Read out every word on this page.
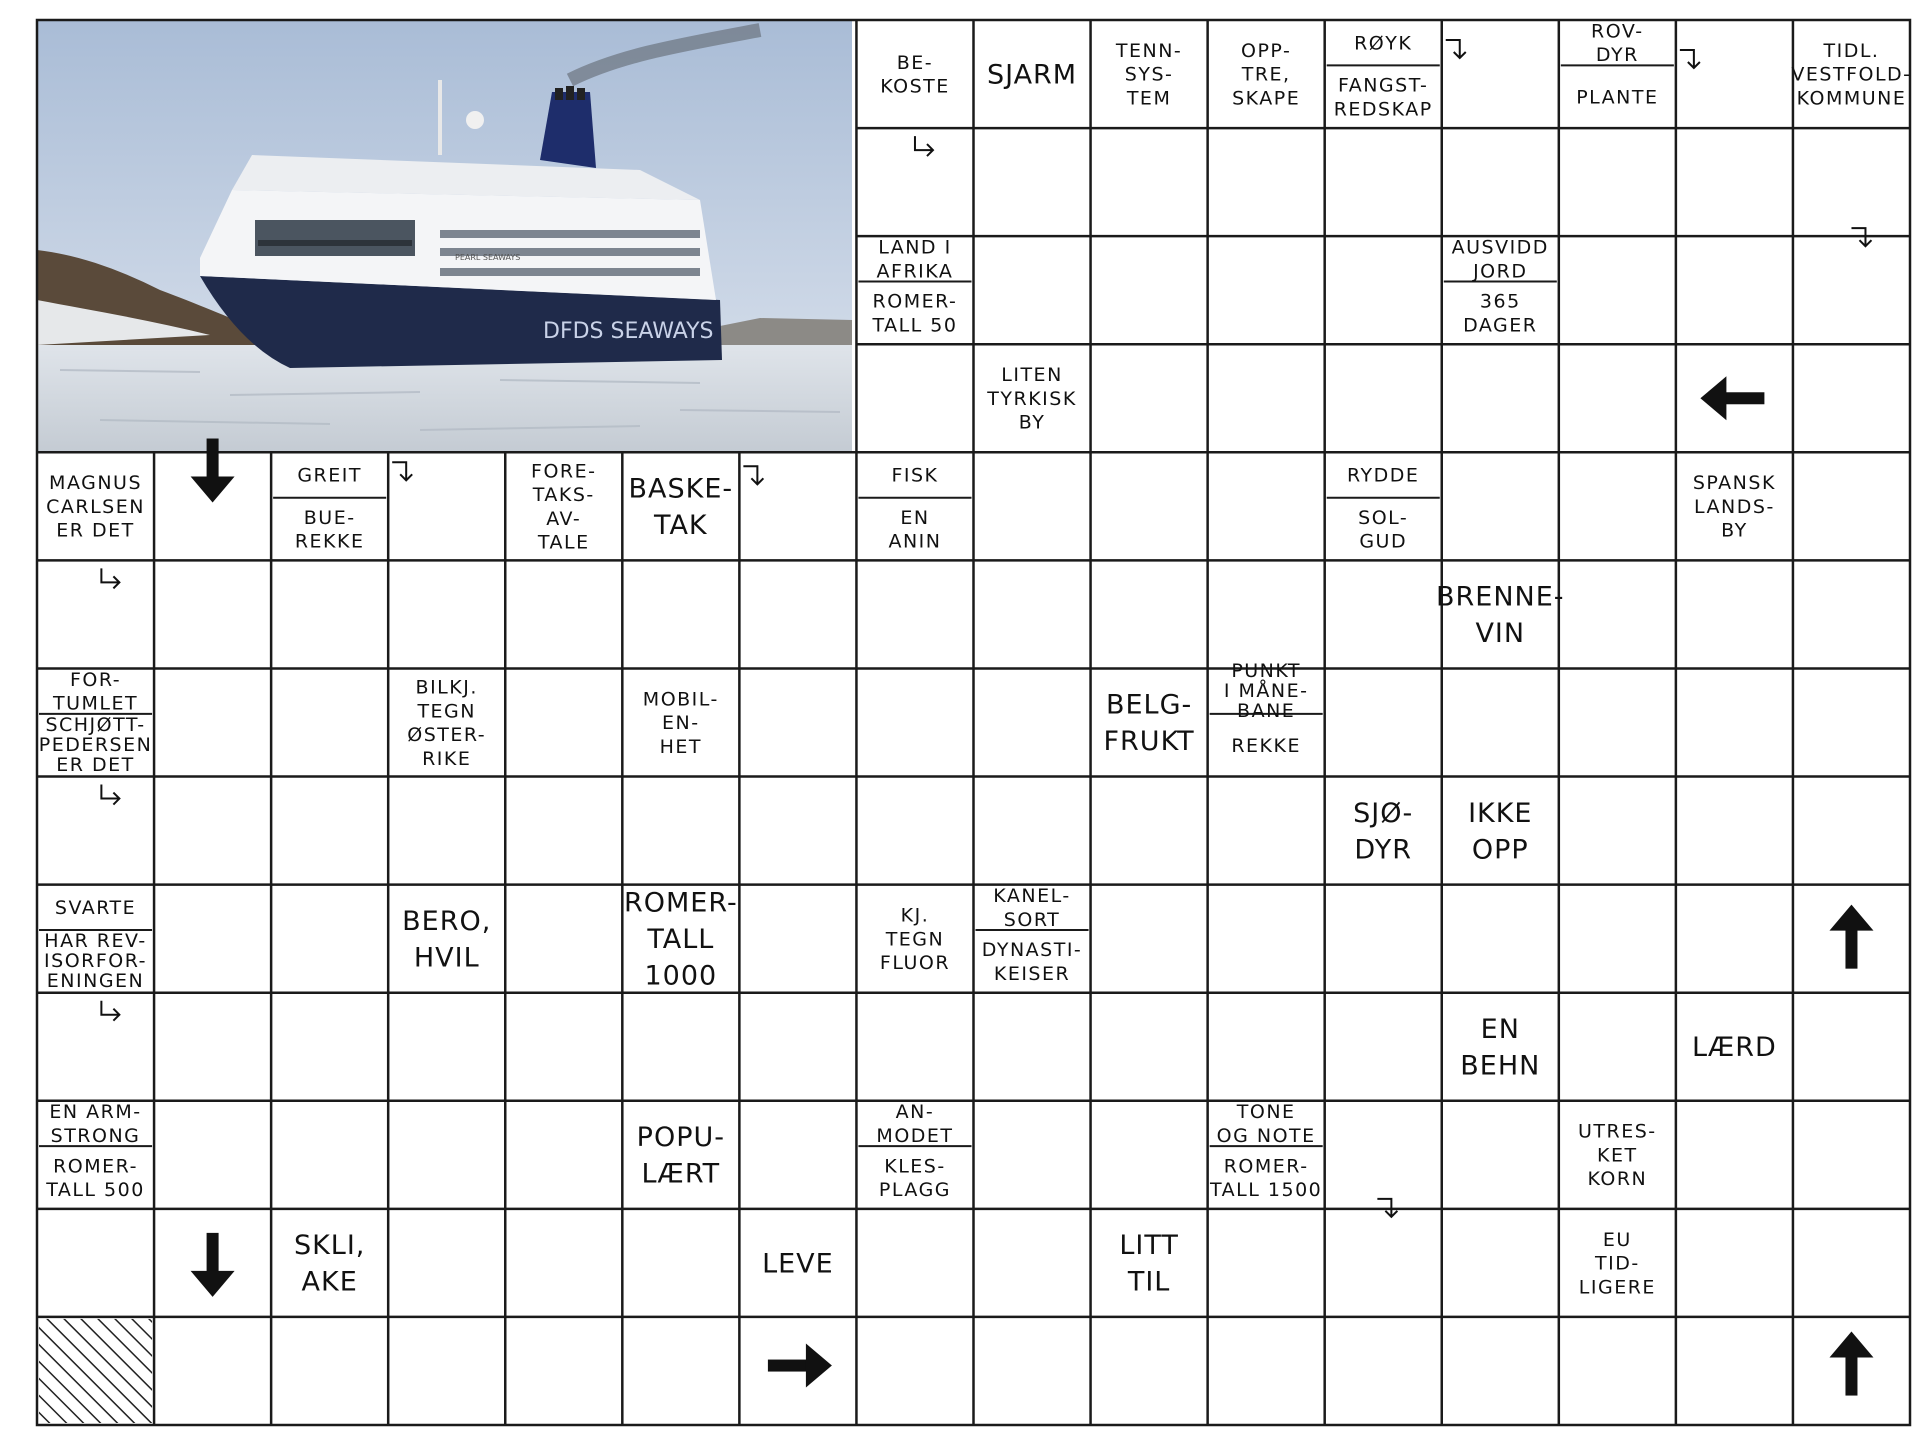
DFDS SEAWAYS
PEARL SEAWAYS
BE-
KOSTE SJARM
TENN-
SYS-
TEM
OPP-
TRE,
SKAPE
RØYK
FANGST-
REDSKAP
ROV-
DYR
PLANTE
TIDL.
VESTFOLD-
KOMMUNE
LAND I
AFRIKA
ROMER-
TALL 50
AUSVIDD
JORD
365
DAGER
LITEN
TYRKISK
BY
MAGNUS
CARLSEN
ER DET
GREIT
BUE-
REKKE
FORE-
TAKS-
AV-
TALE
BASKE-
TAK
FISK
EN
ANIN
RYDDE
SOL-
GUD
SPANSK
LANDS-
BY
BRENNE-
VIN
FOR-
TUMLET
SCHJØTT-
PEDERSEN
ER DET
BILKJ.
TEGN
ØSTER-
RIKE
MOBIL-
EN-
HET
BELG-
FRUKT
PUNKT
I MÅNE-
BANE
REKKE
SJØ-
DYR
IKKE
OPP
SVARTE
HAR REV-
ISORFOR-
ENINGEN
BERO,
HVIL
ROMER-
TALL
1000
KJ.
TEGN
FLUOR
KANEL-
SORT
DYNASTI-
KEISER
EN
BEHN
LÆRD
EN ARM-
STRONG
ROMER-
TALL 500
POPU-
LÆRT
AN-
MODET
KLES-
PLAGG
TONE
OG NOTE
ROMER-
TALL 1500
UTRES-
KET
KORN
SKLI,
AKE
LEVE
LITT
TIL
EU
TID-
LIGERE
